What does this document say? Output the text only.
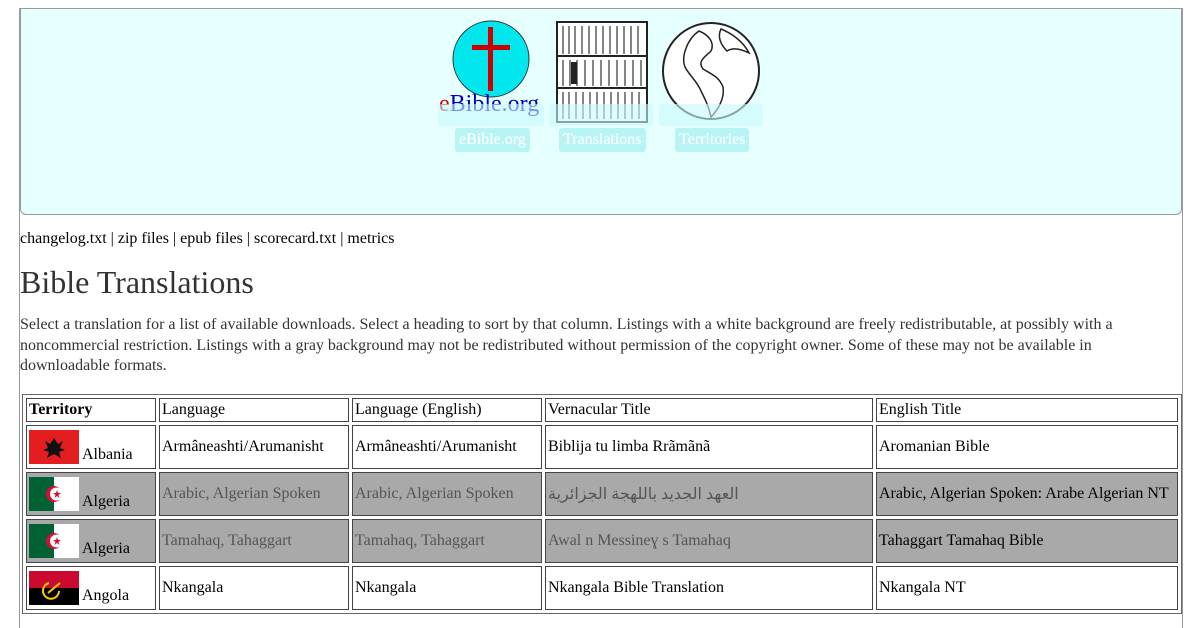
eBible.org Translations Territories
changelog.txt | zip files | epub files | scorecard.txt | metrics
Bible Translations

Select a translation for a list of available downloads. Select a heading to sort by that column. Listings with a white background are freely redistributable, at possibly with a noncommercial restriction. Listings with a gray background may not be redistributed without permission of the copyright owner. Some of these may not be available in downloadable formats.

Territory	Language	Language (English)	Vernacular Title	English Title
Albania	Armâneashti/Arumanisht	Armâneashti/Arumanisht	Biblija tu limba Rrãmãnã	Aromanian Bible
Algeria	Arabic, Algerian Spoken	Arabic, Algerian Spoken	العهد الجديد باللهجة الجزائرية	Arabic, Algerian Spoken: Arabe Algerian NT
Algeria	Tamahaq, Tahaggart	Tamahaq, Tahaggart	Awal n Messineɣ s Tamahaq	Tahaggart Tamahaq Bible
Angola	Nkangala	Nkangala	Nkangala Bible Translation	Nkangala NT
